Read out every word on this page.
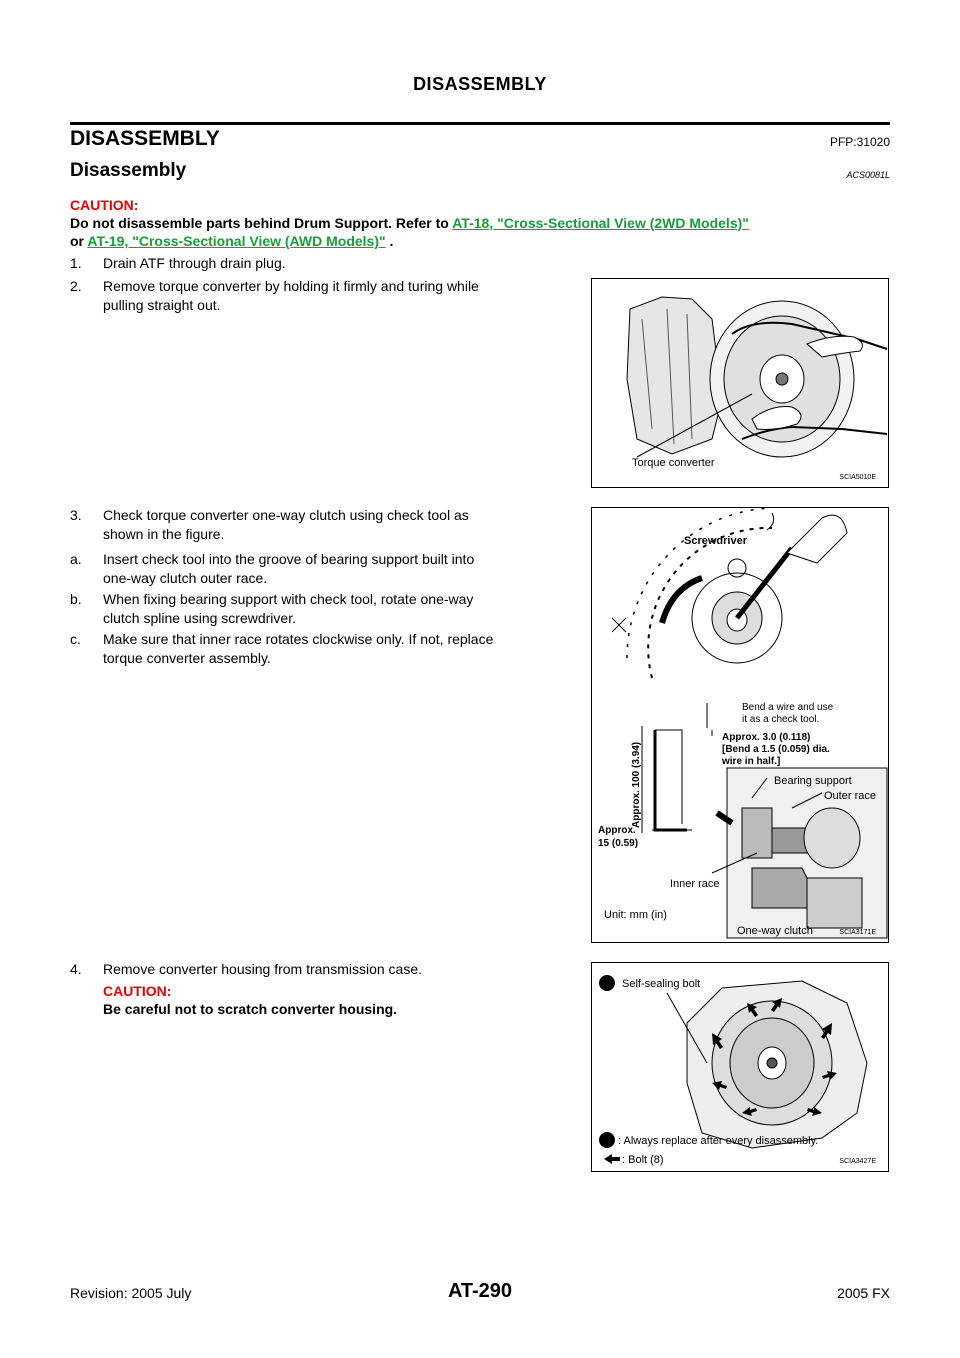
DISASSEMBLY
DISASSEMBLY	PFP:31020
Disassembly	ACS0081L
CAUTION:
Do not disassemble parts behind Drum Support. Refer to AT-18, "Cross-Sectional View (2WD Models)"
or AT-19, "Cross-Sectional View (AWD Models)" .
1. Drain ATF through drain plug.
2. Remove torque converter by holding it firmly and turing while
pulling straight out.
3. Check torque converter one-way clutch using check tool as
shown in the figure.
a. Insert check tool into the groove of bearing support built into
one-way clutch outer race.
b. When fixing bearing support with check tool, rotate one-way
clutch spline using screwdriver.
c. Make sure that inner race rotates clockwise only. If not, replace
torque converter assembly.
4. Remove converter housing from transmission case.
CAUTION:
Be careful not to scratch converter housing.
Torque converter
SCIA5010E
Screwdriver
Bend a wire and use
it as a check tool.
Approx. 3.0 (0.118)
[Bend a 1.5 (0.059) dia.
wire in half.]
Approx. 100 (3.94)
Approx.
15 (0.59)
Bearing support
Outer race
Inner race
Unit: mm (in)
One-way clutch	SCIA3171E
Self-sealing bolt
: Always replace after every disassembly.
: Bolt (8)	SCIA3427E
Revision: 2005 July	AT-290	2005 FX
